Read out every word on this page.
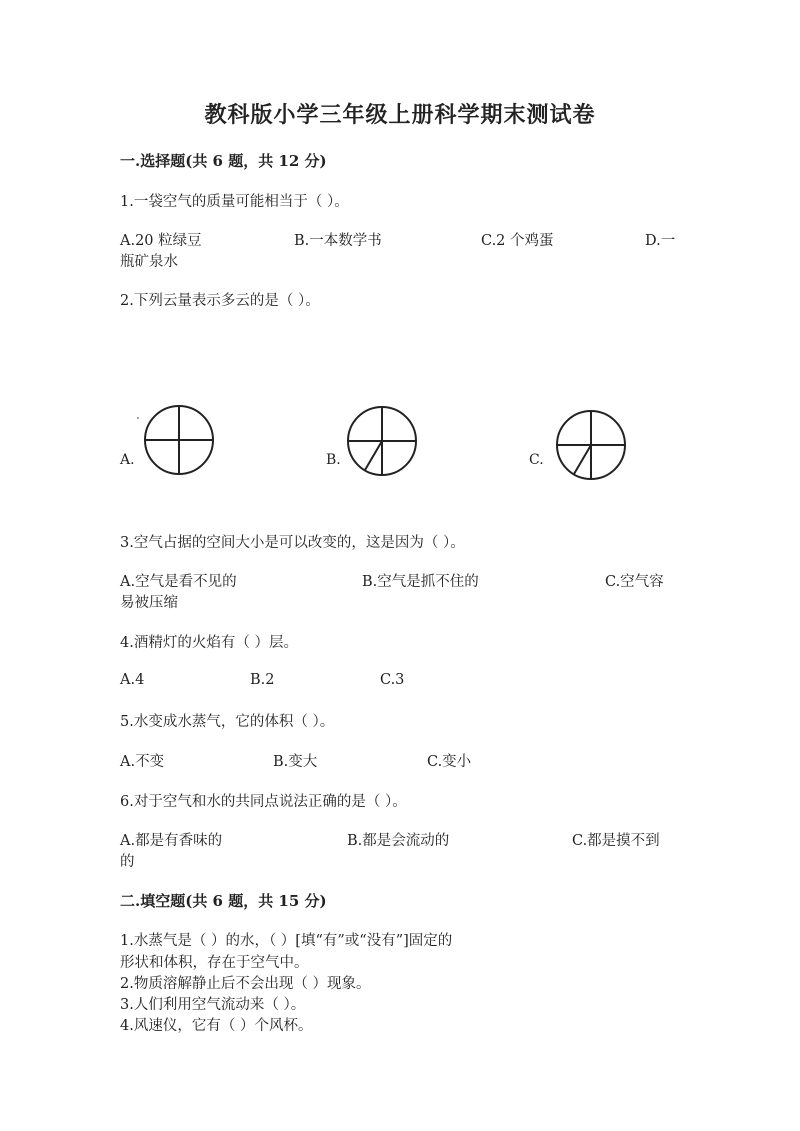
教科版小学三年级上册科学期末测试卷
一.选择题(共 6 题，共 12 分)
1.一袋空气的质量可能相当于（ ）。
A.20 粒绿豆	B.一本数学书	C.2 个鸡蛋	D.一
瓶矿泉水
2.下列云量表示多云的是（ ）。
A.	B.	C.
3.空气占据的空间大小是可以改变的，这是因为（ ）。
A.空气是看不见的	B.空气是抓不住的	C.空气容
易被压缩
4.酒精灯的火焰有（ ）层。
A.4	B.2	C.3
5.水变成水蒸气，它的体积（ ）。
A.不变	B.变大	C.变小
6.对于空气和水的共同点说法正确的是（ ）。
A.都是有香味的	B.都是会流动的	C.都是摸不到
的
二.填空题(共 6 题，共 15 分)
1.水蒸气是（ ）的水，（ ）[填“有”或“没有”]固定的
形状和体积，存在于空气中。
2.物质溶解静止后不会出现（ ）现象。
3.人们利用空气流动来（ ）。
4.风速仪，它有（ ）个风杯。
